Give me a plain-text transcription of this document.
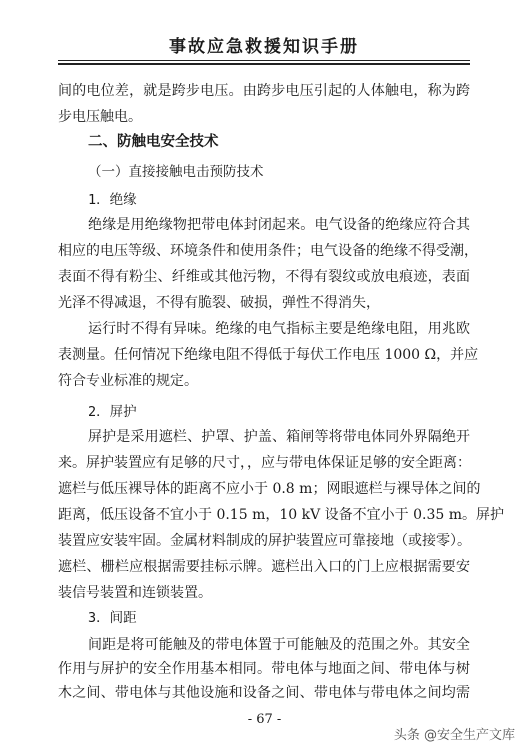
事故应急救援知识手册
间的电位差，就是跨步电压。由跨步电压引起的人体触电，称为跨
步电压触电。
二、防触电安全技术
（一）直接接触电击预防技术
1．绝缘
绝缘是用绝缘物把带电体封闭起来。电气设备的绝缘应符合其
相应的电压等级、环境条件和使用条件；电气设备的绝缘不得受潮，
表面不得有粉尘、纤维或其他污物，不得有裂纹或放电痕迹，表面
光泽不得减退，不得有脆裂、破损，弹性不得消失，
运行时不得有异味。绝缘的电气指标主要是绝缘电阻，用兆欧
表测量。任何情况下绝缘电阻不得低于每伏工作电压 1000 Ω，并应
符合专业标准的规定。
2．屏护
屏护是采用遮栏、护罩、护盖、箱闸等将带电体同外界隔绝开
来。屏护装置应有足够的尺寸，，应与带电体保证足够的安全距离：
遮栏与低压裸导体的距离不应小于 0.8 m；网眼遮栏与裸导体之间的
距离，低压设备不宜小于 0.15 m，10 kV 设备不宜小于 0.35 m。屏护
装置应安装牢固。金属材料制成的屏护装置应可靠接地（或接零）。
遮栏、栅栏应根据需要挂标示牌。遮栏出入口的门上应根据需要安
装信号装置和连锁装置。
3．间距
间距是将可能触及的带电体置于可能触及的范围之外。其安全
作用与屏护的安全作用基本相同。带电体与地面之间、带电体与树
木之间、带电体与其他设施和设备之间、带电体与带电体之间均需
- 67 -
头条 @安全生产文库
